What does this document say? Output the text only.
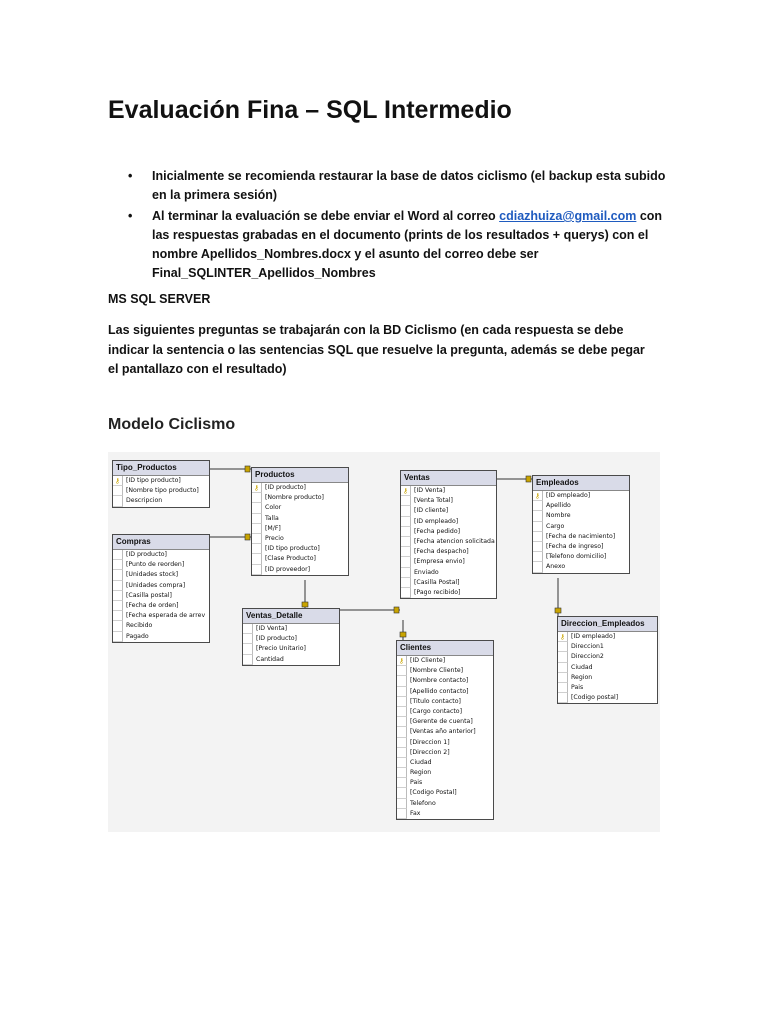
Evaluación Fina – SQL Intermedio
• Inicialmente se recomienda restaurar la base de datos ciclismo (el backup esta subido en la primera sesión)
• Al terminar la evaluación se debe enviar el Word al correo cdiazhuiza@gmail.com con las respuestas grabadas en el documento (prints de los resultados + querys) con el nombre Apellidos_Nombres.docx y el asunto del correo debe ser Final_SQLINTER_Apellidos_Nombres

MS SQL SERVER

Las siguientes preguntas se trabajarán con la BD Ciclismo (en cada respuesta se debe indicar la sentencia o las sentencias SQL que resuelve la pregunta, además se debe pegar el pantallazo con el resultado)

Modelo Ciclismo
Tipo_Productos
⚷ [ID tipo producto]
[Nombre tipo producto]
Descripcion
Productos
⚷ [ID producto]
[Nombre producto]
Color
Talla
[M/F]
Precio
[ID tipo producto]
[Clase Producto]
[ID proveedor]
Compras
[ID producto]
[Punto de reorden]
[Unidades stock]
[Unidades compra]
[Casilla postal]
[Fecha de orden]
[Fecha esperada de arrev
Recibido
Pagado
Ventas_Detalle
[ID Venta]
[ID producto]
[Precio Unitario]
Cantidad
Ventas
⚷ [ID Venta]
[Venta Total]
[ID cliente]
[ID empleado]
[Fecha pedido]
[Fecha atencion solicitada
[Fecha despacho]
[Empresa envio]
Enviado
[Casilla Postal]
[Pago recibido]
Empleados
⚷ [ID empleado]
Apellido
Nombre
Cargo
[Fecha de nacimiento]
[Fecha de ingreso]
[Telefono domicilio]
Anexo
Clientes
⚷ [ID Cliente]
[Nombre Cliente]
[Nombre contacto]
[Apellido contacto]
[Titulo contacto]
[Cargo contacto]
[Gerente de cuenta]
[Ventas año anterior]
[Direccion 1]
[Direccion 2]
Ciudad
Region
Pais
[Codigo Postal]
Telefono
Fax
Direccion_Empleados
⚷ [ID empleado]
Direccion1
Direccion2
Ciudad
Region
Pais
[Codigo postal]
